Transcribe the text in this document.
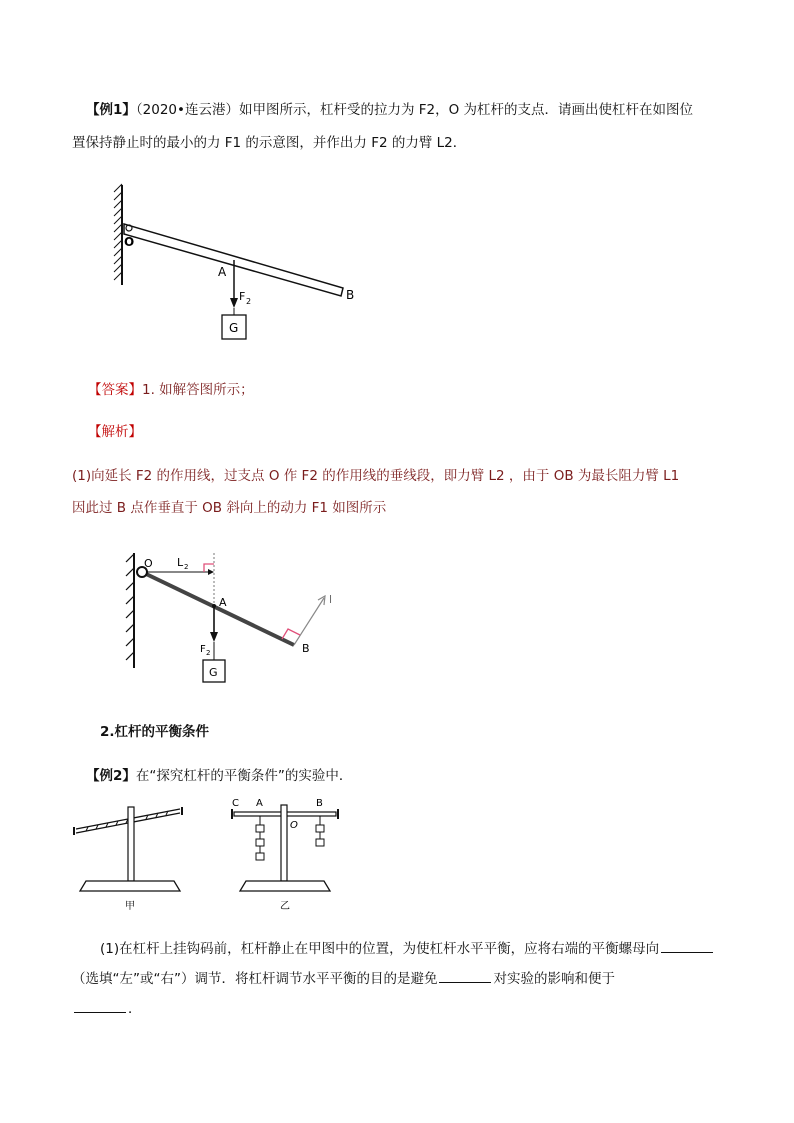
【例1】（2020•连云港）如甲图所示，杠杆受的拉力为 F2，O 为杠杆的支点．请画出使杠杆在如图位
置保持静止时的最小的力 F1 的示意图，并作出力 F2 的力臂 L2．
O
A
B
F 2
G
【答案】1. 如解答图所示；
【解析】
(1)向延长 F2 的作用线，过支点 O 作 F2 的作用线的垂线段，即力臂 L2 ，由于 OB 为最长阻力臂 L1
因此过 B 点作垂直于 OB 斜向上的动力 F1 如图所示
O L 2
A
F 2
G
B
l
2.杠杆的平衡条件
【例2】在“探究杠杆的平衡条件”的实验中．
甲
C A	B
O
乙
(1)在杠杆上挂钩码前，杠杆静止在甲图中的位置，为使杠杆水平平衡，应将右端的平衡螺母向
（选填“左”或“右”）调节．将杠杆调节水平平衡的目的是避免	对实验的影响和便于
．
